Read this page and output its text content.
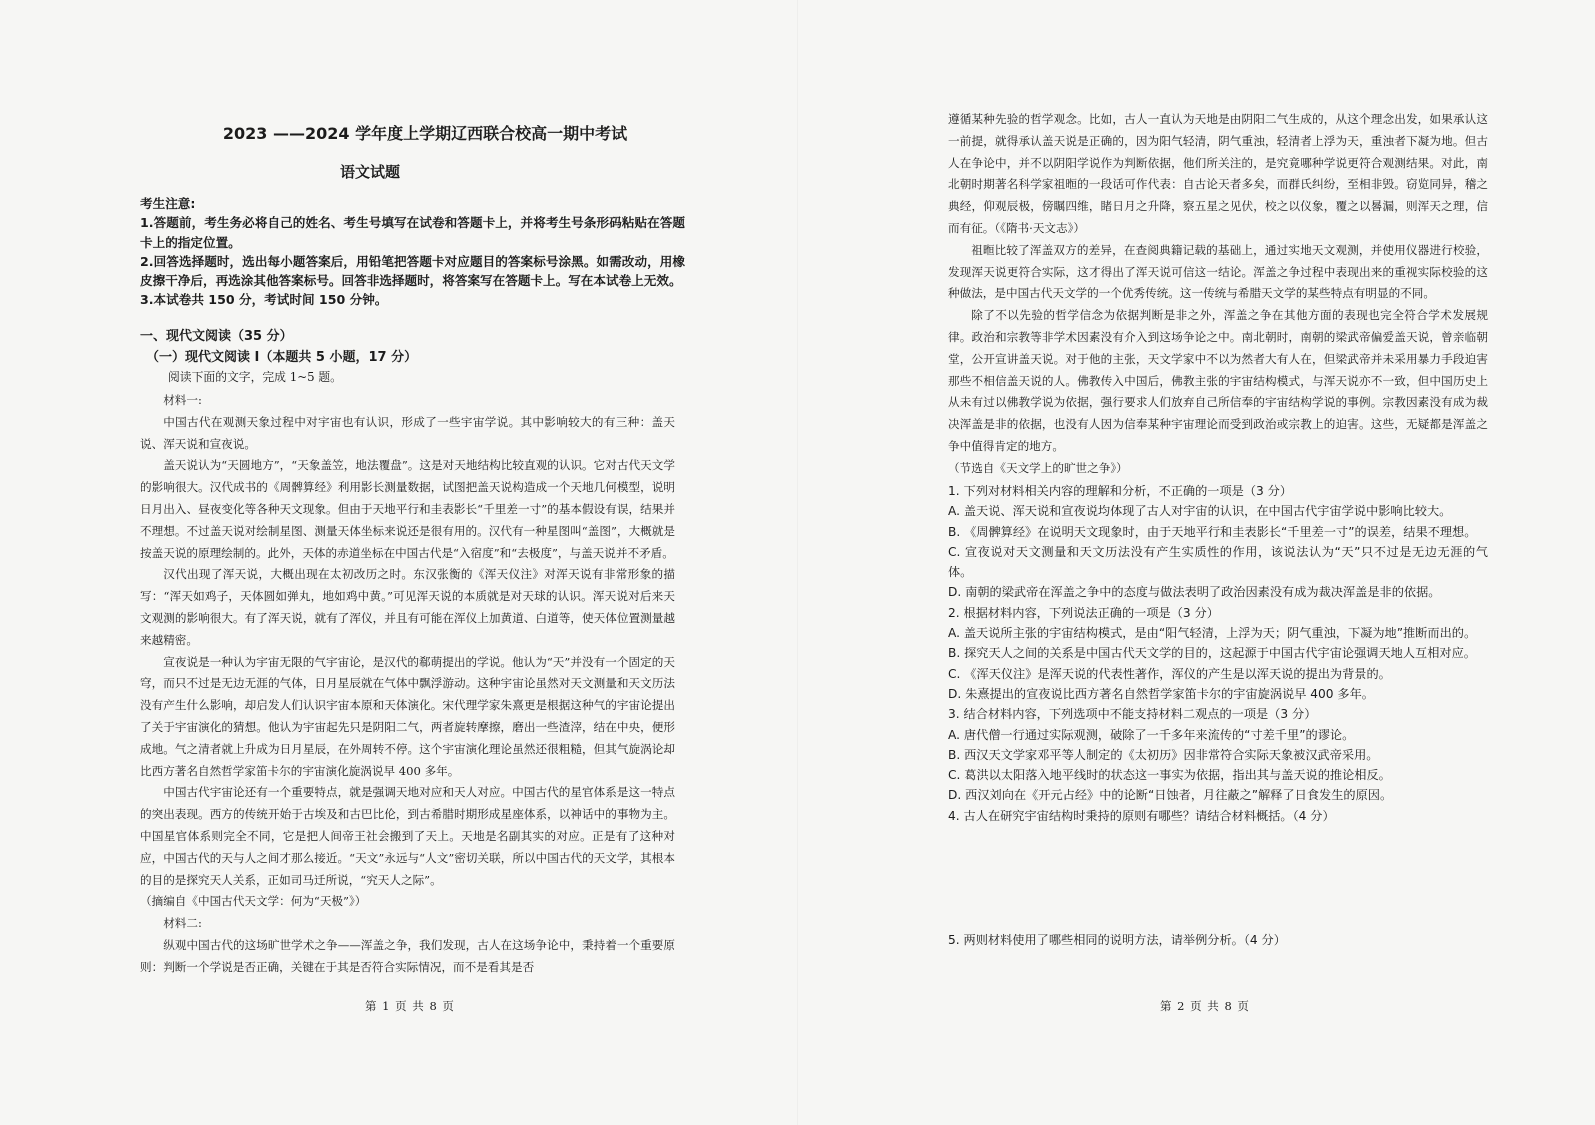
2023 ——2024 学年度上学期辽西联合校高一期中考试
语文试题

考生注意:

1.答题前，考生务必将自己的姓名、考生号填写在试卷和答题卡上，并将考生号条形码粘贴在答题卡上的指定位置。

2.回答选择题时，选出每小题答案后，用铅笔把答题卡对应题目的答案标号涂黑。如需改动，用橡皮擦干净后，再选涂其他答案标号。回答非选择题时，将答案写在答题卡上。写在本试卷上无效。

3.本试卷共 150 分，考试时间 150 分钟。

一、现代文阅读（35 分）
（一）现代文阅读 I（本题共 5 小题，17 分）
阅读下面的文字，完成 1~5 题。

材料一:

中国古代在观测天象过程中对宇宙也有认识，形成了一些宇宙学说。其中影响较大的有三种：盖天说、浑天说和宣夜说。

盖天说认为“天圆地方”，“天象盖笠，地法覆盘”。这是对天地结构比较直观的认识。它对古代天文学的影响很大。汉代成书的《周髀算经》利用影长测量数据，试图把盖天说构造成一个天地几何模型，说明日月出入、昼夜变化等各种天文现象。但由于天地平行和圭表影长“千里差一寸”的基本假设有误，结果并不理想。不过盖天说对绘制星图、测量天体坐标来说还是很有用的。汉代有一种星图叫“盖图”，大概就是按盖天说的原理绘制的。此外，天体的赤道坐标在中国古代是“入宿度”和“去极度”，与盖天说并不矛盾。

汉代出现了浑天说，大概出现在太初改历之时。东汉张衡的《浑天仪注》对浑天说有非常形象的描写：“浑天如鸡子，天体圆如弹丸，地如鸡中黄。”可见浑天说的本质就是对天球的认识。浑天说对后来天文观测的影响很大。有了浑天说，就有了浑仪，并且有可能在浑仪上加黄道、白道等，使天体位置测量越来越精密。

宣夜说是一种认为宇宙无限的气宇宙论，是汉代的郗萌提出的学说。他认为“天”并没有一个固定的天穹，而只不过是无边无涯的气体，日月星辰就在气体中飘浮游动。这种宇宙论虽然对天文测量和天文历法没有产生什么影响，却启发人们认识宇宙本原和天体演化。宋代理学家朱熹更是根据这种气的宇宙论提出了关于宇宙演化的猜想。他认为宇宙起先只是阴阳二气，两者旋转摩擦，磨出一些渣滓，结在中央，便形成地。气之清者就上升成为日月星辰，在外周转不停。这个宇宙演化理论虽然还很粗糙，但其气旋涡论却比西方著名自然哲学家笛卡尔的宇宙演化旋涡说早 400 多年。

中国古代宇宙论还有一个重要特点，就是强调天地对应和天人对应。中国古代的星官体系是这一特点的突出表现。西方的传统开始于古埃及和古巴比伦，到古希腊时期形成星座体系，以神话中的事物为主。中国星官体系则完全不同，它是把人间帝王社会搬到了天上。天地是名副其实的对应。正是有了这种对应，中国古代的天与人之间才那么接近。“天文”永远与“人文”密切关联，所以中国古代的天文学，其根本的目的是探究天人关系，正如司马迁所说，“究天人之际”。

（摘编自《中国古代天文学：何为“天极”》）

材料二:

纵观中国古代的这场旷世学术之争——浑盖之争，我们发现，古人在这场争论中，秉持着一个重要原则：判断一个学说是否正确，关键在于其是否符合实际情况，而不是看其是否

遵循某种先验的哲学观念。比如，古人一直认为天地是由阴阳二气生成的，从这个理念出发，如果承认这一前提，就得承认盖天说是正确的，因为阳气轻清，阴气重浊，轻清者上浮为天，重浊者下凝为地。但古人在争论中，并不以阴阳学说作为判断依据，他们所关注的，是究竟哪种学说更符合观测结果。对此，南北朝时期著名科学家祖暅的一段话可作代表：自古论天者多矣，而群氏纠纷，至相非毁。窃览同异，稽之典经，仰观辰极，傍瞩四维，睹日月之升降，察五星之见伏，校之以仪象，覆之以晷漏，则浑天之理，信而有征。（《隋书·天文志》）

祖暅比较了浑盖双方的差异，在查阅典籍记载的基础上，通过实地天文观测，并使用仪器进行校验，发现浑天说更符合实际，这才得出了浑天说可信这一结论。浑盖之争过程中表现出来的重视实际校验的这种做法，是中国古代天文学的一个优秀传统。这一传统与希腊天文学的某些特点有明显的不同。

除了不以先验的哲学信念为依据判断是非之外，浑盖之争在其他方面的表现也完全符合学术发展规律。政治和宗教等非学术因素没有介入到这场争论之中。南北朝时，南朝的梁武帝偏爱盖天说，曾亲临朝堂，公开宣讲盖天说。对于他的主张，天文学家中不以为然者大有人在，但梁武帝并未采用暴力手段迫害那些不相信盖天说的人。佛教传入中国后，佛教主张的宇宙结构模式，与浑天说亦不一致，但中国历史上从未有过以佛教学说为依据，强行要求人们放弃自己所信奉的宇宙结构学说的事例。宗教因素没有成为裁决浑盖是非的依据，也没有人因为信奉某种宇宙理论而受到政治或宗教上的迫害。这些，无疑都是浑盖之争中值得肯定的地方。

（节选自《天文学上的旷世之争》）

1. 下列对材料相关内容的理解和分析，不正确的一项是（3 分）

A. 盖天说、浑天说和宣夜说均体现了古人对宇宙的认识，在中国古代宇宙学说中影响比较大。

B. 《周髀算经》在说明天文现象时，由于天地平行和圭表影长“千里差一寸”的误差，结果不理想。

C. 宣夜说对天文测量和天文历法没有产生实质性的作用，该说法认为“天”只不过是无边无涯的气体。

D. 南朝的梁武帝在浑盖之争中的态度与做法表明了政治因素没有成为裁决浑盖是非的依据。

2. 根据材料内容，下列说法正确的一项是（3 分）

A. 盖天说所主张的宇宙结构模式，是由“阳气轻清，上浮为天；阴气重浊，下凝为地”推断而出的。

B. 探究天人之间的关系是中国古代天文学的目的，这起源于中国古代宇宙论强调天地人互相对应。

C. 《浑天仪注》是浑天说的代表性著作，浑仪的产生是以浑天说的提出为背景的。

D. 朱熹提出的宣夜说比西方著名自然哲学家笛卡尔的宇宙旋涡说早 400 多年。

3. 结合材料内容，下列选项中不能支持材料二观点的一项是（3 分）

A. 唐代僧一行通过实际观测，破除了一千多年来流传的“寸差千里”的谬论。

B. 西汉天文学家邓平等人制定的《太初历》因非常符合实际天象被汉武帝采用。

C. 葛洪以太阳落入地平线时的状态这一事实为依据，指出其与盖天说的推论相反。

D. 西汉刘向在《开元占经》中的论断“日蚀者，月往蔽之”解释了日食发生的原因。

4. 古人在研究宇宙结构时秉持的原则有哪些？请结合材料概括。（4 分）

5. 两则材料使用了哪些相同的说明方法，请举例分析。（4 分）
第 1 页 共 8 页	第 2 页 共 8 页
